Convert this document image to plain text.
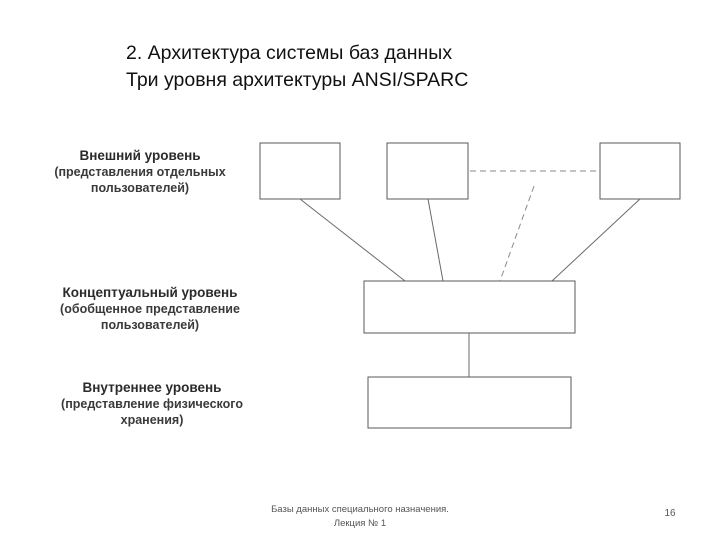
2. Архитектура системы баз данных
Три уровня архитектуры ANSI/SPARC
Внешний уровень
(представления отдельных
пользователей)
Концептуальный уровень
(обобщенное представление
пользователей)
Внутреннее уровень
(представление физического
хранения)
Базы данных специального назначения.
Лекция № 1
16
